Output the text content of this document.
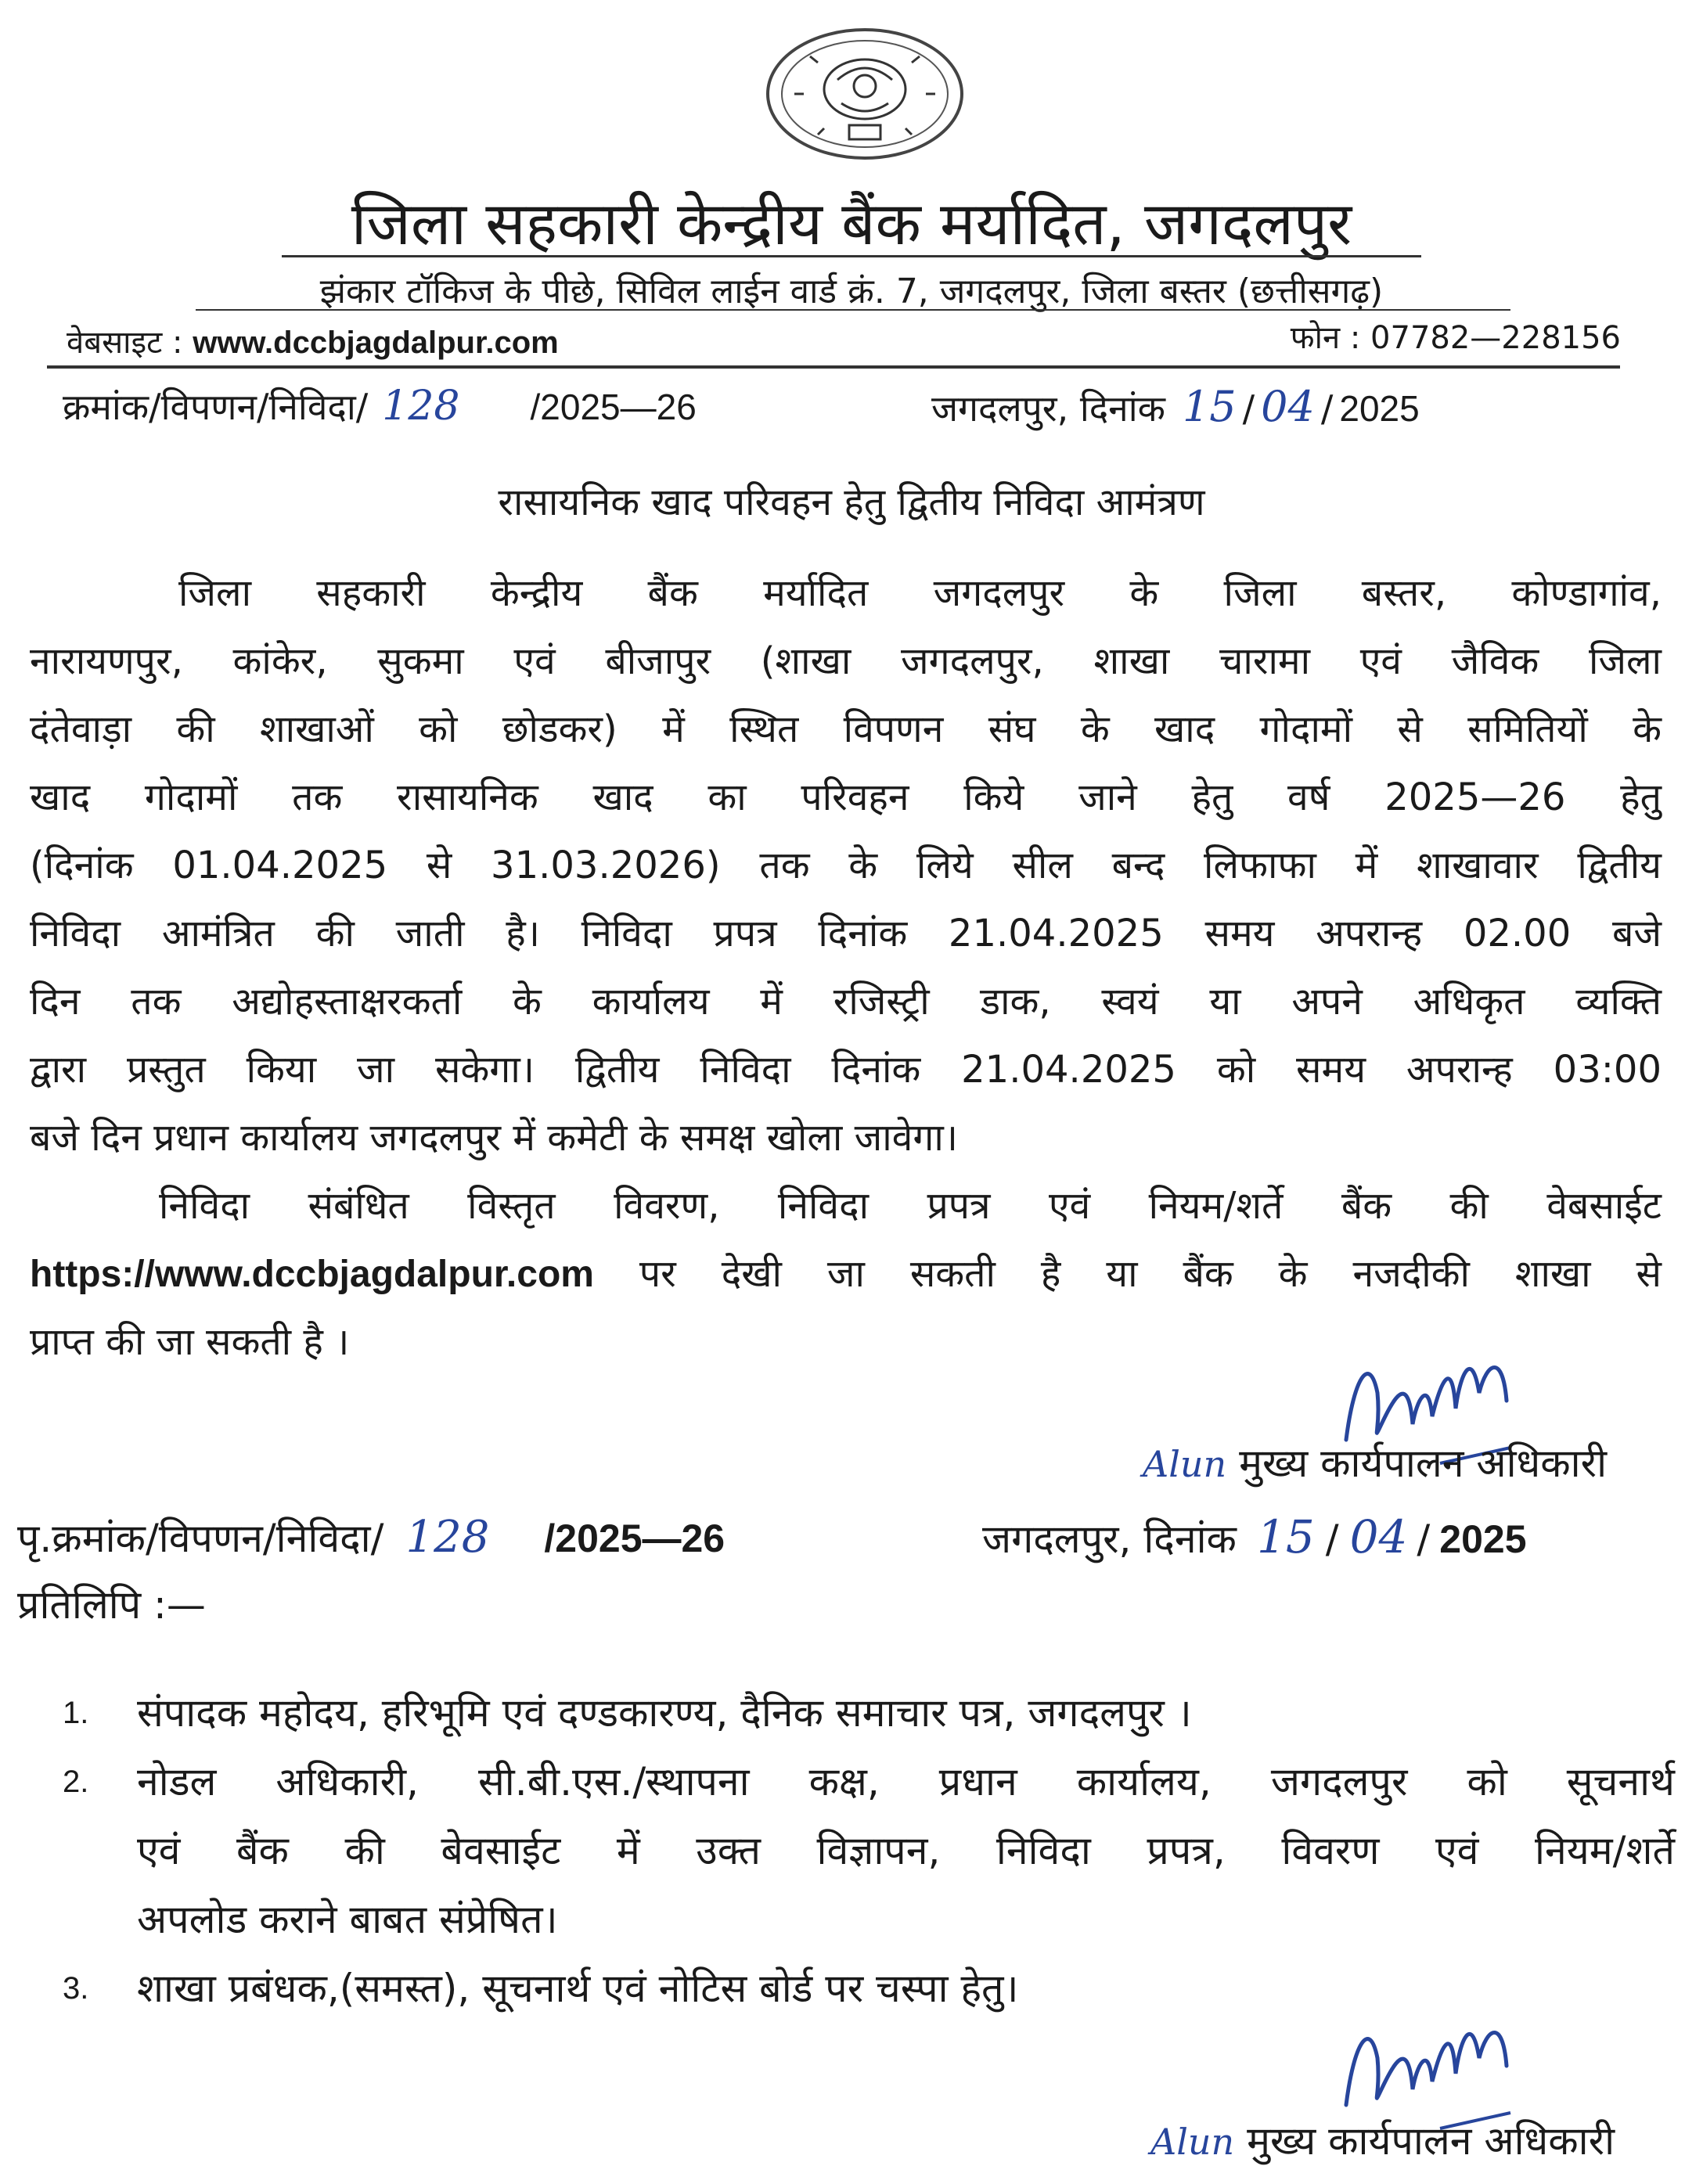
जिला सहकारी केन्द्रीय बैंक मर्यादित, जगदलपुर
झंकार टॉकिज के पीछे, सिविल लाईन वार्ड क्रं. 7, जगदलपुर, जिला बस्तर (छत्तीसगढ़)
वेबसाइट : www.dccbjagdalpur.com	फोन : 07782—228156
क्रमांक/विपणन/निविदा/ 128 /2025—26	जगदलपुर, दिनांक 15 / 04 / 2025
रासायनिक खाद परिवहन हेतु द्वितीय निविदा आमंत्रण
जिला सहकारी केन्द्रीय बैंक मर्यादित जगदलपुर के जिला बस्तर, कोण्डागांव,
नारायणपुर, कांकेर, सुकमा एवं बीजापुर (शाखा जगदलपुर, शाखा चारामा एवं जैविक जिला
दंतेवाड़ा की शाखाओं को छोडकर) में स्थित विपणन संघ के खाद गोदामों से समितियों के
खाद गोदामों तक रासायनिक खाद का परिवहन किये जाने हेतु वर्ष 2025—26 हेतु
(दिनांक 01.04.2025 से 31.03.2026) तक के लिये सील बन्द लिफाफा में शाखावार द्वितीय
निविदा आमंत्रित की जाती है। निविदा प्रपत्र दिनांक 21.04.2025 समय अपरान्ह 02.00 बजे
दिन तक अद्योहस्ताक्षरकर्ता के कार्यालय में रजिस्ट्री डाक, स्वयं या अपने अधिकृत व्यक्ति
द्वारा प्रस्तुत किया जा सकेगा। द्वितीय निविदा दिनांक 21.04.2025 को समय अपरान्ह 03:00
बजे दिन प्रधान कार्यालय जगदलपुर में कमेटी के समक्ष खोला जावेगा।
निविदा संबंधित विस्तृत विवरण, निविदा प्रपत्र एवं नियम/शर्ते बैंक की वेबसाईट
https://www.dccbjagdalpur.com पर देखी जा सकती है या बैंक के नजदीकी शाखा से
प्राप्त की जा सकती है ।
Alun मुख्य कार्यपालन अधिकारी
पृ.क्रमांक/विपणन/निविदा/ 128 /2025—26	जगदलपुर, दिनांक 15 / 04 / 2025
प्रतिलिपि :—
1.	संपादक महोदय, हरिभूमि एवं दण्डकारण्य, दैनिक समाचार पत्र, जगदलपुर ।
2.	नोडल अधिकारी, सी.बी.एस./स्थापना कक्ष, प्रधान कार्यालय, जगदलपुर को सूचनार्थ
एवं बैंक की बेवसाईट में उक्त विज्ञापन, निविदा प्रपत्र, विवरण एवं नियम/शर्ते
अपलोड कराने बाबत संप्रेषित।
3.	शाखा प्रबंधक,(समस्त), सूचनार्थ एवं नोटिस बोर्ड पर चस्पा हेतु।
Alun मुख्य कार्यपालन अधिकारी
